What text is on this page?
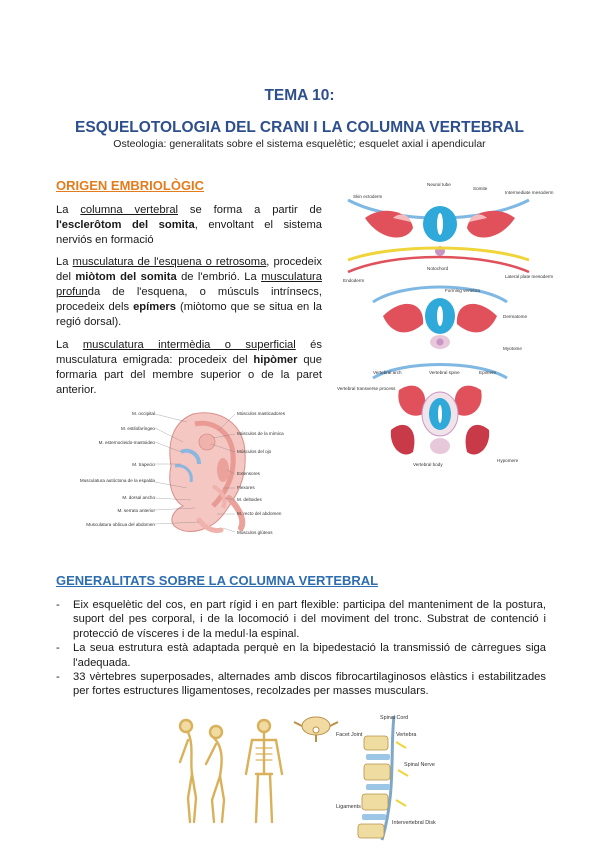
TEMA 10:
ESQUELOTOLOGIA DEL CRANI I LA COLUMNA VERTEBRAL
Osteologia: generalitats sobre el sistema esquelètic; esquelet axial i apendicular
ORIGEN EMBRIOLÒGIC
La columna vertebral se forma a partir de l'esclerôtom del somita, envoltant el sistema nerviós en formació
La musculatura de l'esquena o retrosoma, procedeix del miòtom del somita de l'embrió. La musculatura profunda de l'esquena, o músculs intrínsecs, procedeix dels epímers (miòtomo que se situa en la regió dorsal).
La musculatura intermèdia o superficial és musculatura emigrada: procedeix del hipòmer que formaria part del membre superior o de la paret anterior.
M. occipital
M. estilofaríngeo
M. esternocleido-mastoideo
M. trapecio
Musculatura autóctona de la espalda
M. dorsal ancho
M. serrato anterior
Musculatura oblicua del abdomen
Músculos masticadores
Músculos de la mímica
Músculos del ojo
Extensores
Flexores
M. deltoides
M. recto del abdomen
Músculos glúteos
Skin ectoderm
Neural tube
Somite
Intermediate mesoderm
Endoderm
Notochord
Lateral plate mesoderm
Forming vertebra
Dermatome
Myotome
Vertebral arch	Vertebral spine	Epimere
Vertebral transverse process
Vertebral body
Hypomere
GENERALITATS SOBRE LA COLUMNA VERTEBRAL
- Eix esquelètic del cos, en part rígid i en part flexible: participa del manteniment de la postura, suport del pes corporal, i de la locomoció i del moviment del tronc. Substrat de contenció i protecció de vísceres i de la medul·la espinal.
- La seua estrutura està adaptada perquè en la bipedestació la transmissió de càrregues siga l'adequada.
- 33 vèrtebres superposades, alternades amb discos fibrocartilaginosos elàstics i estabilitzades per fortes estructures lligamentoses, recolzades per masses musculars.
Spinal Cord
Facet Joint	Vertebra
Spinal Nerve
Ligaments
Intervertebral Disk
